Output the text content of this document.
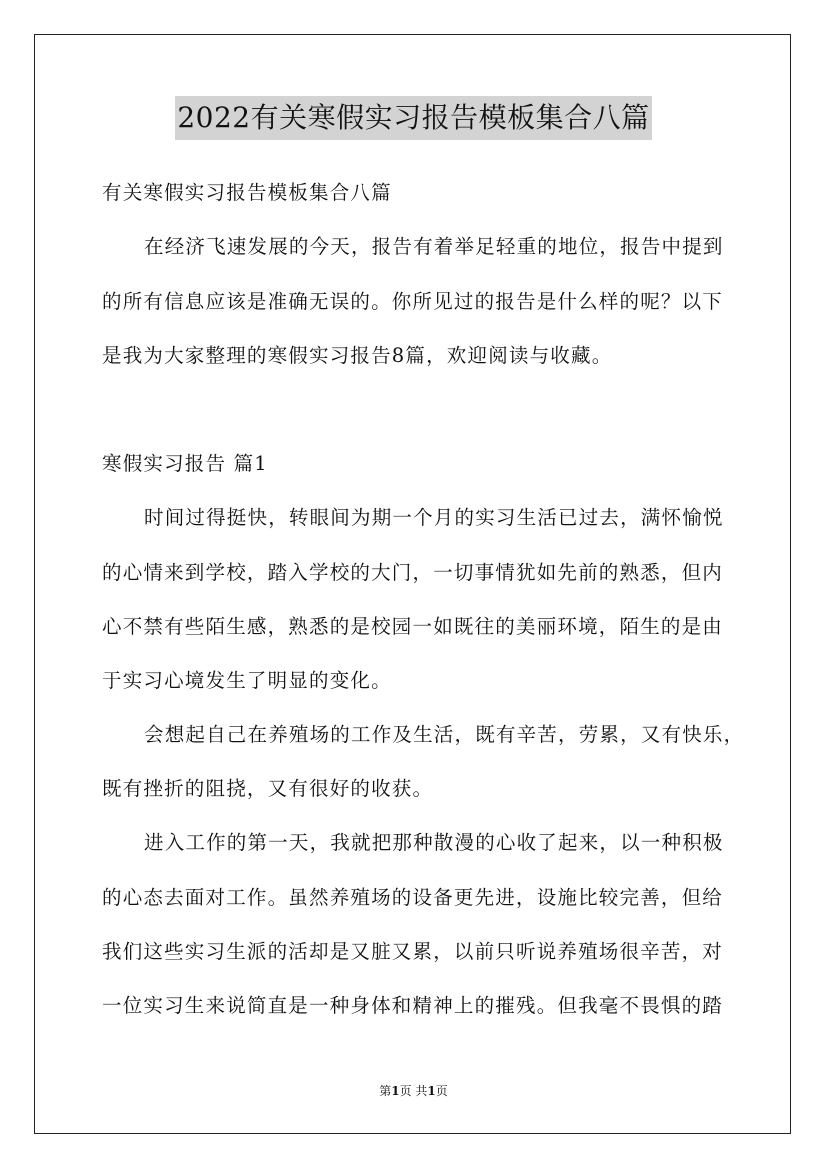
2022有关寒假实习报告模板集合八篇
有关寒假实习报告模板集合八篇
在经济飞速发展的今天，报告有着举足轻重的地位，报告中提到
的所有信息应该是准确无误的。你所见过的报告是什么样的呢？以下
是我为大家整理的寒假实习报告8篇，欢迎阅读与收藏。
寒假实习报告 篇1
时间过得挺快，转眼间为期一个月的实习生活已过去，满怀愉悦
的心情来到学校，踏入学校的大门，一切事情犹如先前的熟悉，但内
心不禁有些陌生感，熟悉的是校园一如既往的美丽环境，陌生的是由
于实习心境发生了明显的变化。
会想起自己在养殖场的工作及生活，既有辛苦，劳累，又有快乐，
既有挫折的阻挠，又有很好的收获。
进入工作的第一天，我就把那种散漫的心收了起来，以一种积极
的心态去面对工作。虽然养殖场的设备更先进，设施比较完善，但给
我们这些实习生派的活却是又脏又累，以前只听说养殖场很辛苦，对
一位实习生来说简直是一种身体和精神上的摧残。但我毫不畏惧的踏
第1页 共1页
